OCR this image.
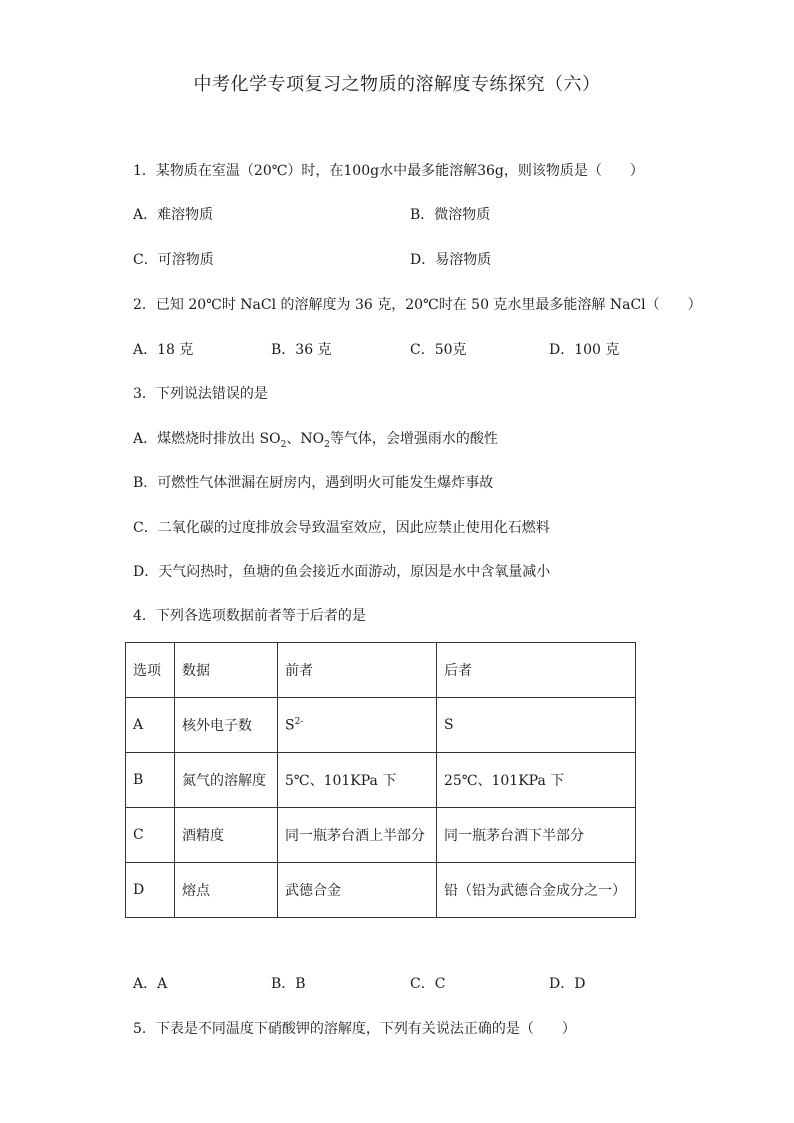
中考化学专项复习之物质的溶解度专练探究（六）
1．某物质在室温（20℃）时，在100g水中最多能溶解36g，则该物质是（　　）
A．难溶物质	B．微溶物质
C．可溶物质	D．易溶物质
2．已知 20℃时 NaCl 的溶解度为 36 克，20℃时在 50 克水里最多能溶解 NaCl（　　）
A．18 克	B．36 克	C．50克	D．100 克
3．下列说法错误的是
A．煤燃烧时排放出 $SO_2$、$NO_2$等气体，会增强雨水的酸性
B．可燃性气体泄漏在厨房内，遇到明火可能发生爆炸事故
C．二氧化碳的过度排放会导致温室效应，因此应禁止使用化石燃料
D．天气闷热时，鱼塘的鱼会接近水面游动，原因是水中含氧量减小
4．下列各选项数据前者等于后者的是
选项	数据	前者	后者
A	核外电子数	$S^{2-}$	S
B	氮气的溶解度	5℃、101KPa 下	25℃、101KPa 下
C	酒精度	同一瓶茅台酒上半部分	同一瓶茅台酒下半部分
D	熔点	武德合金	铅（铅为武德合金成分之一）
A．A	B．B	C．C	D．D
5．下表是不同温度下硝酸钾的溶解度，下列有关说法正确的是（　　）
